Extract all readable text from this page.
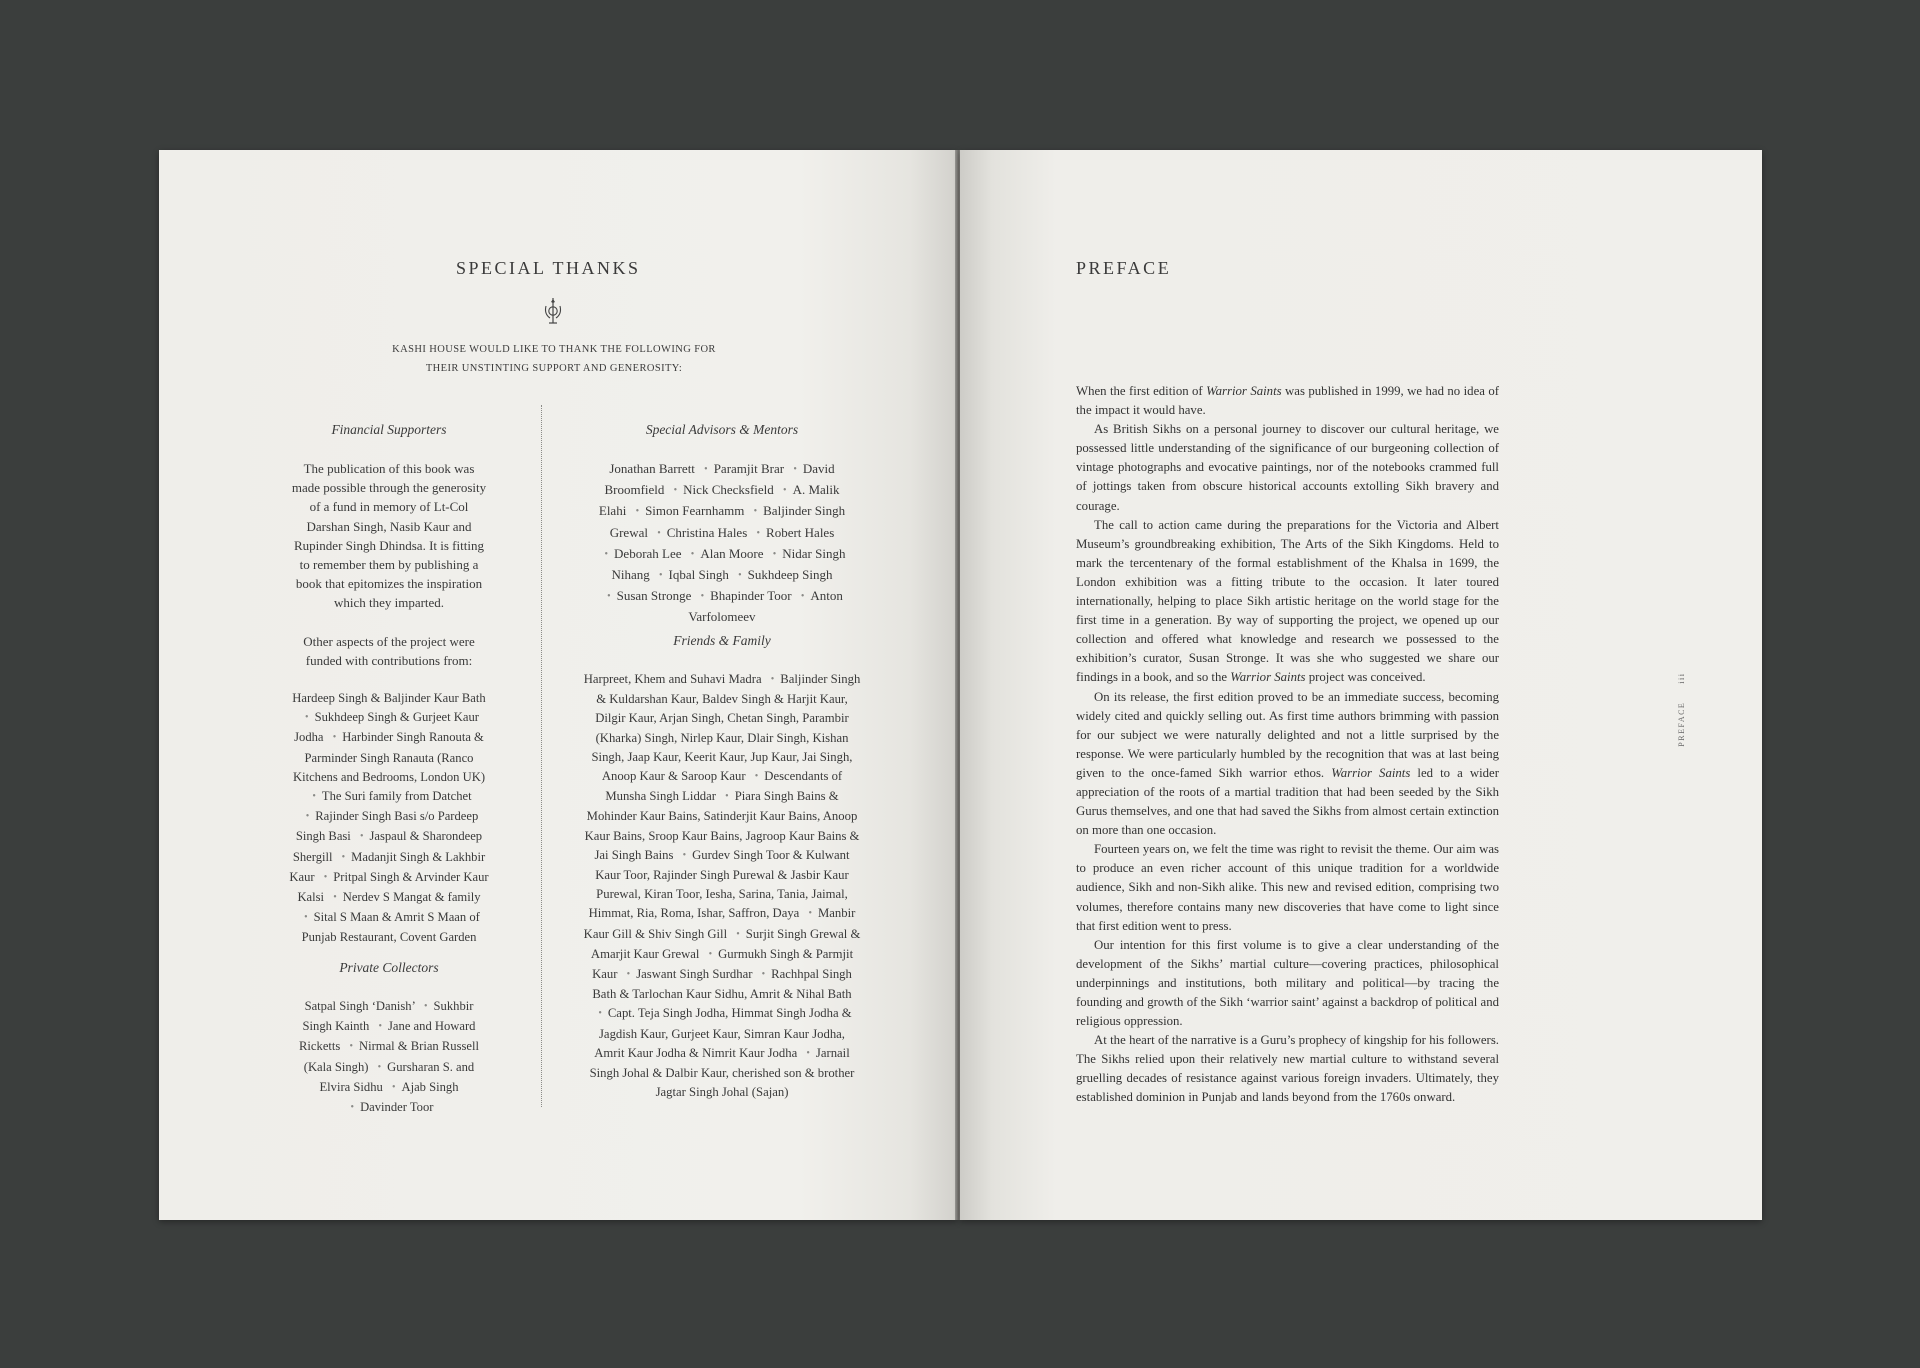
SPECIAL THANKS
KASHI HOUSE WOULD LIKE TO THANK THE FOLLOWING FOR
THEIR UNSTINTING SUPPORT AND GENEROSITY:
Financial Supporters

The publication of this book was made possible through the generosity of a fund in memory of Lt-Col Darshan Singh, Nasib Kaur and Rupinder Singh Dhindsa. It is fitting to remember them by publishing a book that epitomizes the inspiration which they imparted.

Other aspects of the project were funded with contributions from:

Hardeep Singh & Baljinder Kaur Bath • Sukhdeep Singh & Gurjeet Kaur Jodha • Harbinder Singh Ranouta & Parminder Singh Ranauta (Ranco Kitchens and Bedrooms, London UK) • The Suri family from Datchet • Rajinder Singh Basi s/o Pardeep Singh Basi • Jaspaul & Sharondeep Shergill • Madanjit Singh & Lakhbir Kaur • Pritpal Singh & Arvinder Kaur Kalsi • Nerdev S Mangat & family • Sital S Maan & Amrit S Maan of Punjab Restaurant, Covent Garden

Private Collectors

Satpal Singh ‘Danish’ • Sukhbir Singh Kainth • Jane and Howard Ricketts • Nirmal & Brian Russell (Kala Singh) • Gursharan S. and Elvira Sidhu • Ajab Singh • Davinder Toor

Special Advisors & Mentors

Jonathan Barrett • Paramjit Brar • David Broomfield • Nick Checksfield • A. Malik Elahi • Simon Fearnhamm • Baljinder Singh Grewal • Christina Hales • Robert Hales • Deborah Lee • Alan Moore • Nidar Singh Nihang • Iqbal Singh • Sukhdeep Singh • Susan Stronge • Bhapinder Toor • Anton Varfolomeev

Friends & Family

Harpreet, Khem and Suhavi Madra • Baljinder Singh & Kuldarshan Kaur, Baldev Singh & Harjit Kaur, Dilgir Kaur, Arjan Singh, Chetan Singh, Parambir (Kharka) Singh, Nirlep Kaur, Dlair Singh, Kishan Singh, Jaap Kaur, Keerit Kaur, Jup Kaur, Jai Singh, Anoop Kaur & Saroop Kaur • Descendants of Munsha Singh Liddar • Piara Singh Bains & Mohinder Kaur Bains, Satinderjit Kaur Bains, Anoop Kaur Bains, Sroop Kaur Bains, Jagroop Kaur Bains & Jai Singh Bains • Gurdev Singh Toor & Kulwant Kaur Toor, Rajinder Singh Purewal & Jasbir Kaur Purewal, Kiran Toor, Iesha, Sarina, Tania, Jaimal, Himmat, Ria, Roma, Ishar, Saffron, Daya • Manbir Kaur Gill & Shiv Singh Gill • Surjit Singh Grewal & Amarjit Kaur Grewal • Gurmukh Singh & Parmjit Kaur • Jaswant Singh Surdhar • Rachhpal Singh Bath & Tarlochan Kaur Sidhu, Amrit & Nihal Bath • Capt. Teja Singh Jodha, Himmat Singh Jodha & Jagdish Kaur, Gurjeet Kaur, Simran Kaur Jodha, Amrit Kaur Jodha & Nimrit Kaur Jodha • Jarnail Singh Johal & Dalbir Kaur, cherished son & brother Jagtar Singh Johal (Sajan)

PREFACE

When the first edition of Warrior Saints was published in 1999, we had no idea of the impact it would have.

As British Sikhs on a personal journey to discover our cultural heritage, we possessed little understanding of the significance of our burgeoning collection of vintage photographs and evocative paintings, nor of the notebooks crammed full of jottings taken from obscure historical accounts extolling Sikh bravery and courage.

The call to action came during the preparations for the Victoria and Albert Museum’s groundbreaking exhibition, The Arts of the Sikh Kingdoms. Held to mark the tercentenary of the formal establishment of the Khalsa in 1699, the London exhibition was a fitting tribute to the occasion. It later toured internationally, helping to place Sikh artistic heritage on the world stage for the first time in a generation. By way of supporting the project, we opened up our collection and offered what knowledge and research we possessed to the exhibition’s curator, Susan Stronge. It was she who suggested we share our findings in a book, and so the Warrior Saints project was conceived.

On its release, the first edition proved to be an immediate success, becoming widely cited and quickly selling out. As first time authors brimming with passion for our subject we were naturally delighted and not a little surprised by the response. We were particularly humbled by the recognition that was at last being given to the once-famed Sikh warrior ethos. Warrior Saints led to a wider appreciation of the roots of a martial tradition that had been seeded by the Sikh Gurus themselves, and one that had saved the Sikhs from almost certain extinction on more than one occasion.

Fourteen years on, we felt the time was right to revisit the theme. Our aim was to produce an even richer account of this unique tradition for a worldwide audience, Sikh and non-Sikh alike. This new and revised edition, comprising two volumes, therefore contains many new discoveries that have come to light since that first edition went to press.

Our intention for this first volume is to give a clear understanding of the development of the Sikhs’ martial culture—covering practices, philosophical underpinnings and institutions, both military and political—by tracing the founding and growth of the Sikh ‘warrior saint’ against a backdrop of political and religious oppression.

At the heart of the narrative is a Guru’s prophecy of kingship for his followers. The Sikhs relied upon their relatively new martial culture to withstand several gruelling decades of resistance against various foreign invaders. Ultimately, they established dominion in Punjab and lands beyond from the 1760s onward.

PREFACE iii
